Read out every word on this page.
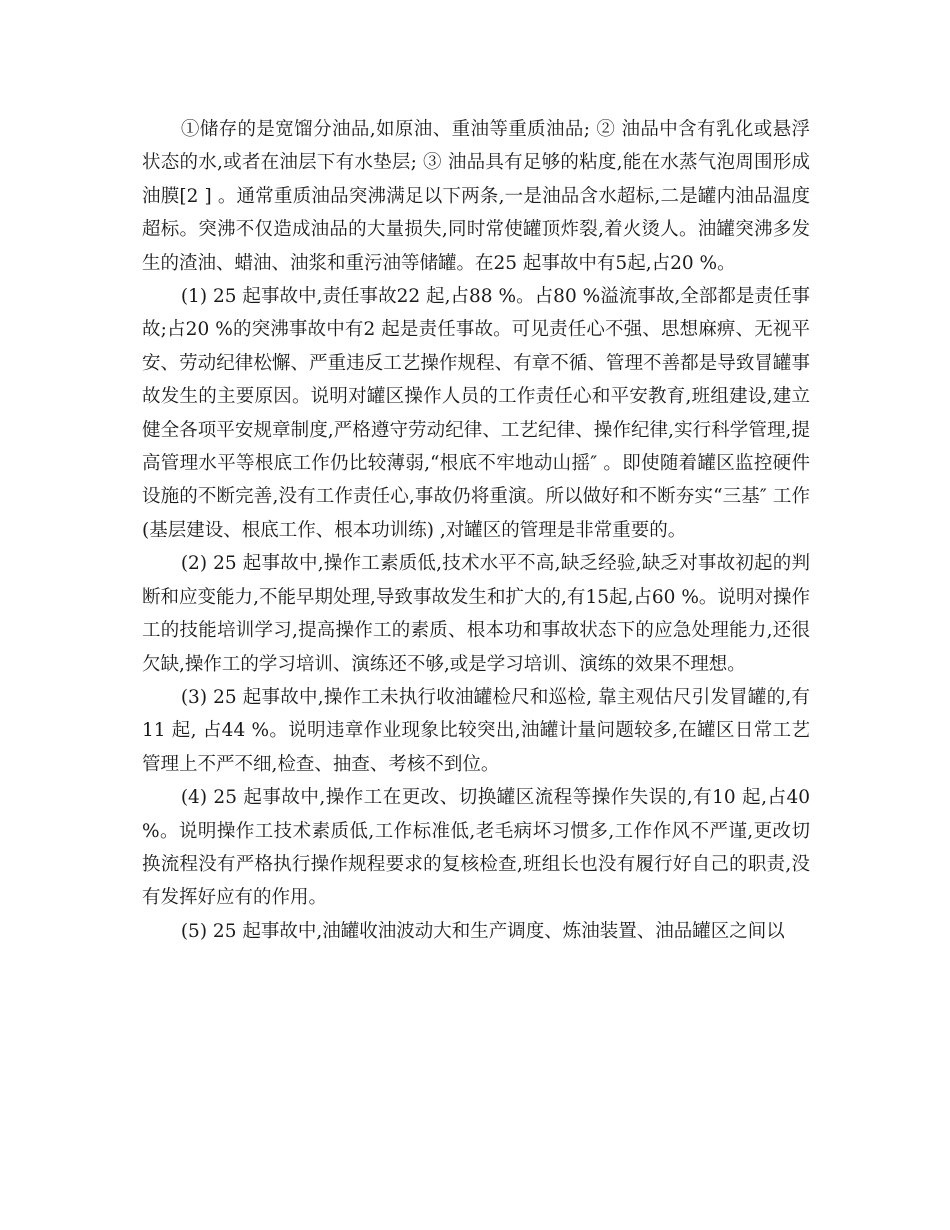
①储存的是宽馏分油品,如原油、重油等重质油品; ② 油品中含有乳化或悬浮状态的水,或者在油层下有水垫层; ③ 油品具有足够的粘度,能在水蒸气泡周围形成油膜[2 ] 。通常重质油品突沸满足以下两条,一是油品含水超标,二是罐内油品温度超标。突沸不仅造成油品的大量损失,同时常使罐顶炸裂,着火烫人。油罐突沸多发生的渣油、蜡油、油浆和重污油等储罐。在25 起事故中有5起,占20 %。

(1) 25 起事故中,责任事故22 起,占88 %。占80 %溢流事故,全部都是责任事故;占20 %的突沸事故中有2 起是责任事故。可见责任心不强、思想麻痹、无视平安、劳动纪律松懈、严重违反工艺操作规程、有章不循、管理不善都是导致冒罐事故发生的主要原因。说明对罐区操作人员的工作责任心和平安教育,班组建设,建立健全各项平安规章制度,严格遵守劳动纪律、工艺纪律、操作纪律,实行科学管理,提高管理水平等根底工作仍比较薄弱,“根底不牢地动山摇″ 。即使随着罐区监控硬件设施的不断完善,没有工作责任心,事故仍将重演。所以做好和不断夯实“三基″ 工作(基层建设、根底工作、根本功训练) ,对罐区的管理是非常重要的。

(2) 25 起事故中,操作工素质低,技术水平不高,缺乏经验,缺乏对事故初起的判断和应变能力,不能早期处理,导致事故发生和扩大的,有15起,占60 %。说明对操作工的技能培训学习,提高操作工的素质、根本功和事故状态下的应急处理能力,还很欠缺,操作工的学习培训、演练还不够,或是学习培训、演练的效果不理想。

(3) 25 起事故中,操作工未执行收油罐检尺和巡检, 靠主观估尺引发冒罐的,有11 起, 占44 %。说明违章作业现象比较突出,油罐计量问题较多,在罐区日常工艺管理上不严不细,检查、抽查、考核不到位。

(4) 25 起事故中,操作工在更改、切换罐区流程等操作失误的,有10 起,占40 %。说明操作工技术素质低,工作标准低,老毛病坏习惯多,工作作风不严谨,更改切换流程没有严格执行操作规程要求的复核检查,班组长也没有履行好自己的职责,没有发挥好应有的作用。

(5) 25 起事故中,油罐收油波动大和生产调度、炼油装置、油品罐区之间以
